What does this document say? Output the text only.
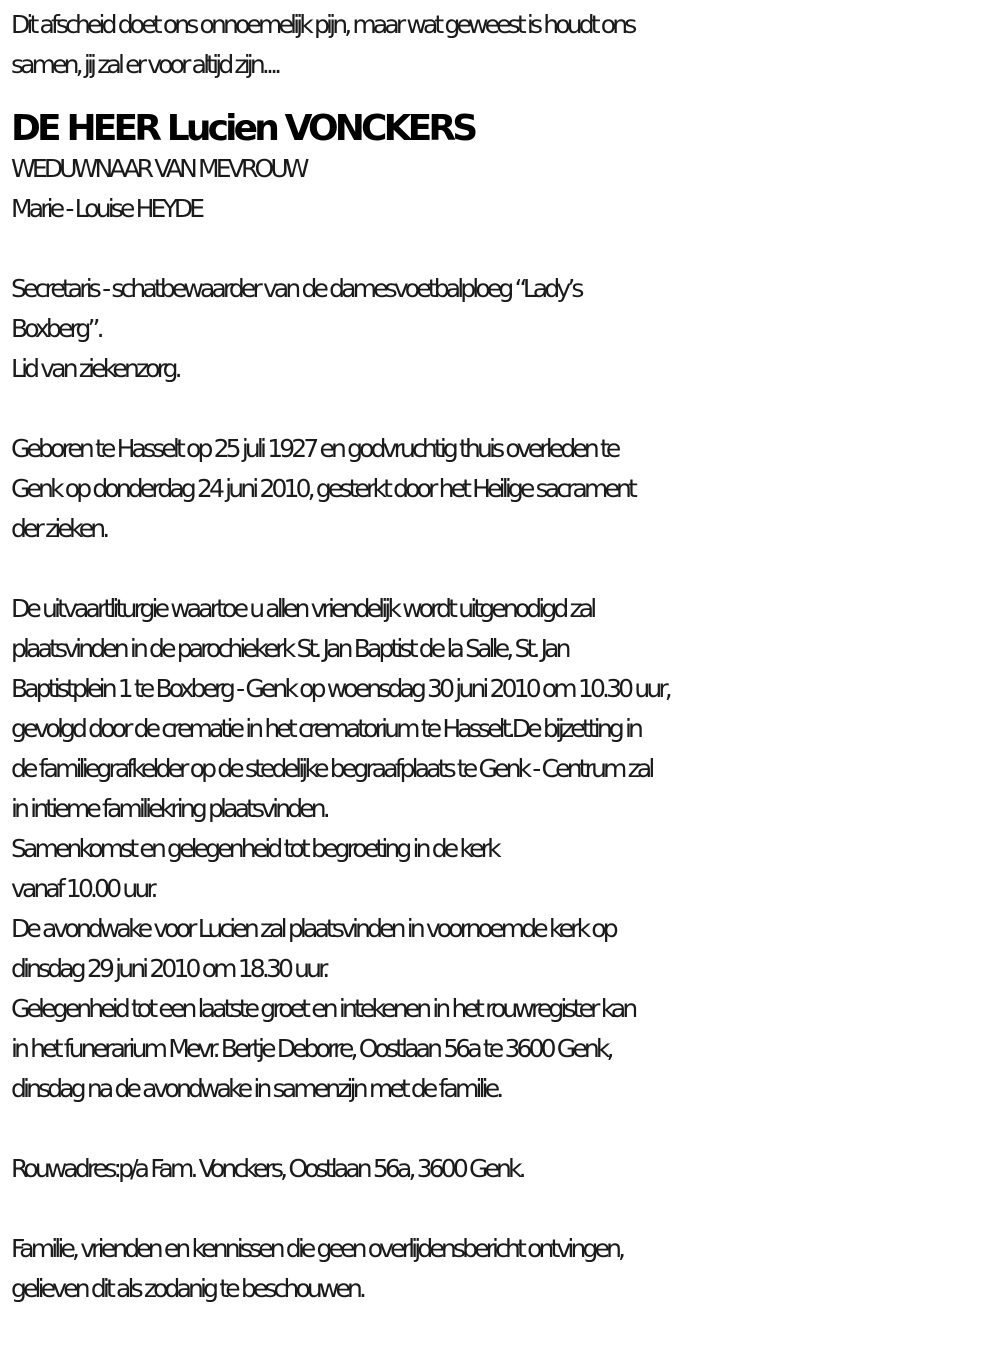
Dit afscheid doet ons onnoemelijk pijn, maar wat geweest is houdt ons
samen, jij zal er voor altijd zijn....
DE HEER Lucien VONCKERS
WEDUWNAAR VAN MEVROUW
Marie - Louise HEYDE
Secretaris - schatbewaarder van de damesvoetbalploeg “Lady’s
Boxberg”.
Lid van ziekenzorg.
Geboren te Hasselt op 25 juli 1927 en godvruchtig thuis overleden te
Genk op donderdag 24 juni 2010, gesterkt door het Heilige sacrament
der zieken.
De uitvaartliturgie waartoe u allen vriendelijk wordt uitgenodigd zal
plaatsvinden in de parochiekerk St. Jan Baptist de la Salle, St. Jan
Baptistplein 1 te Boxberg - Genk op woensdag 30 juni 2010 om 10.30 uur,
gevolgd door de crematie in het crematorium te Hasselt.De bijzetting in
de familiegrafkelder op de stedelijke begraafplaats te Genk - Centrum zal
in intieme familiekring plaatsvinden.
Samenkomst en gelegenheid tot begroeting in de kerk
vanaf 10.00 uur.
De avondwake voor Lucien zal plaatsvinden in voornoemde kerk op
dinsdag 29 juni 2010 om 18.30 uur.
Gelegenheid tot een laatste groet en intekenen in het rouwregister kan
in het funerarium Mevr. Bertje Deborre, Oostlaan 56a te 3600 Genk,
dinsdag na de avondwake in samenzijn met de familie.
Rouwadres:p/a Fam. Vonckers, Oostlaan 56a, 3600 Genk.
Familie, vrienden en kennissen die geen overlijdensbericht ontvingen,
gelieven dit als zodanig te beschouwen.
